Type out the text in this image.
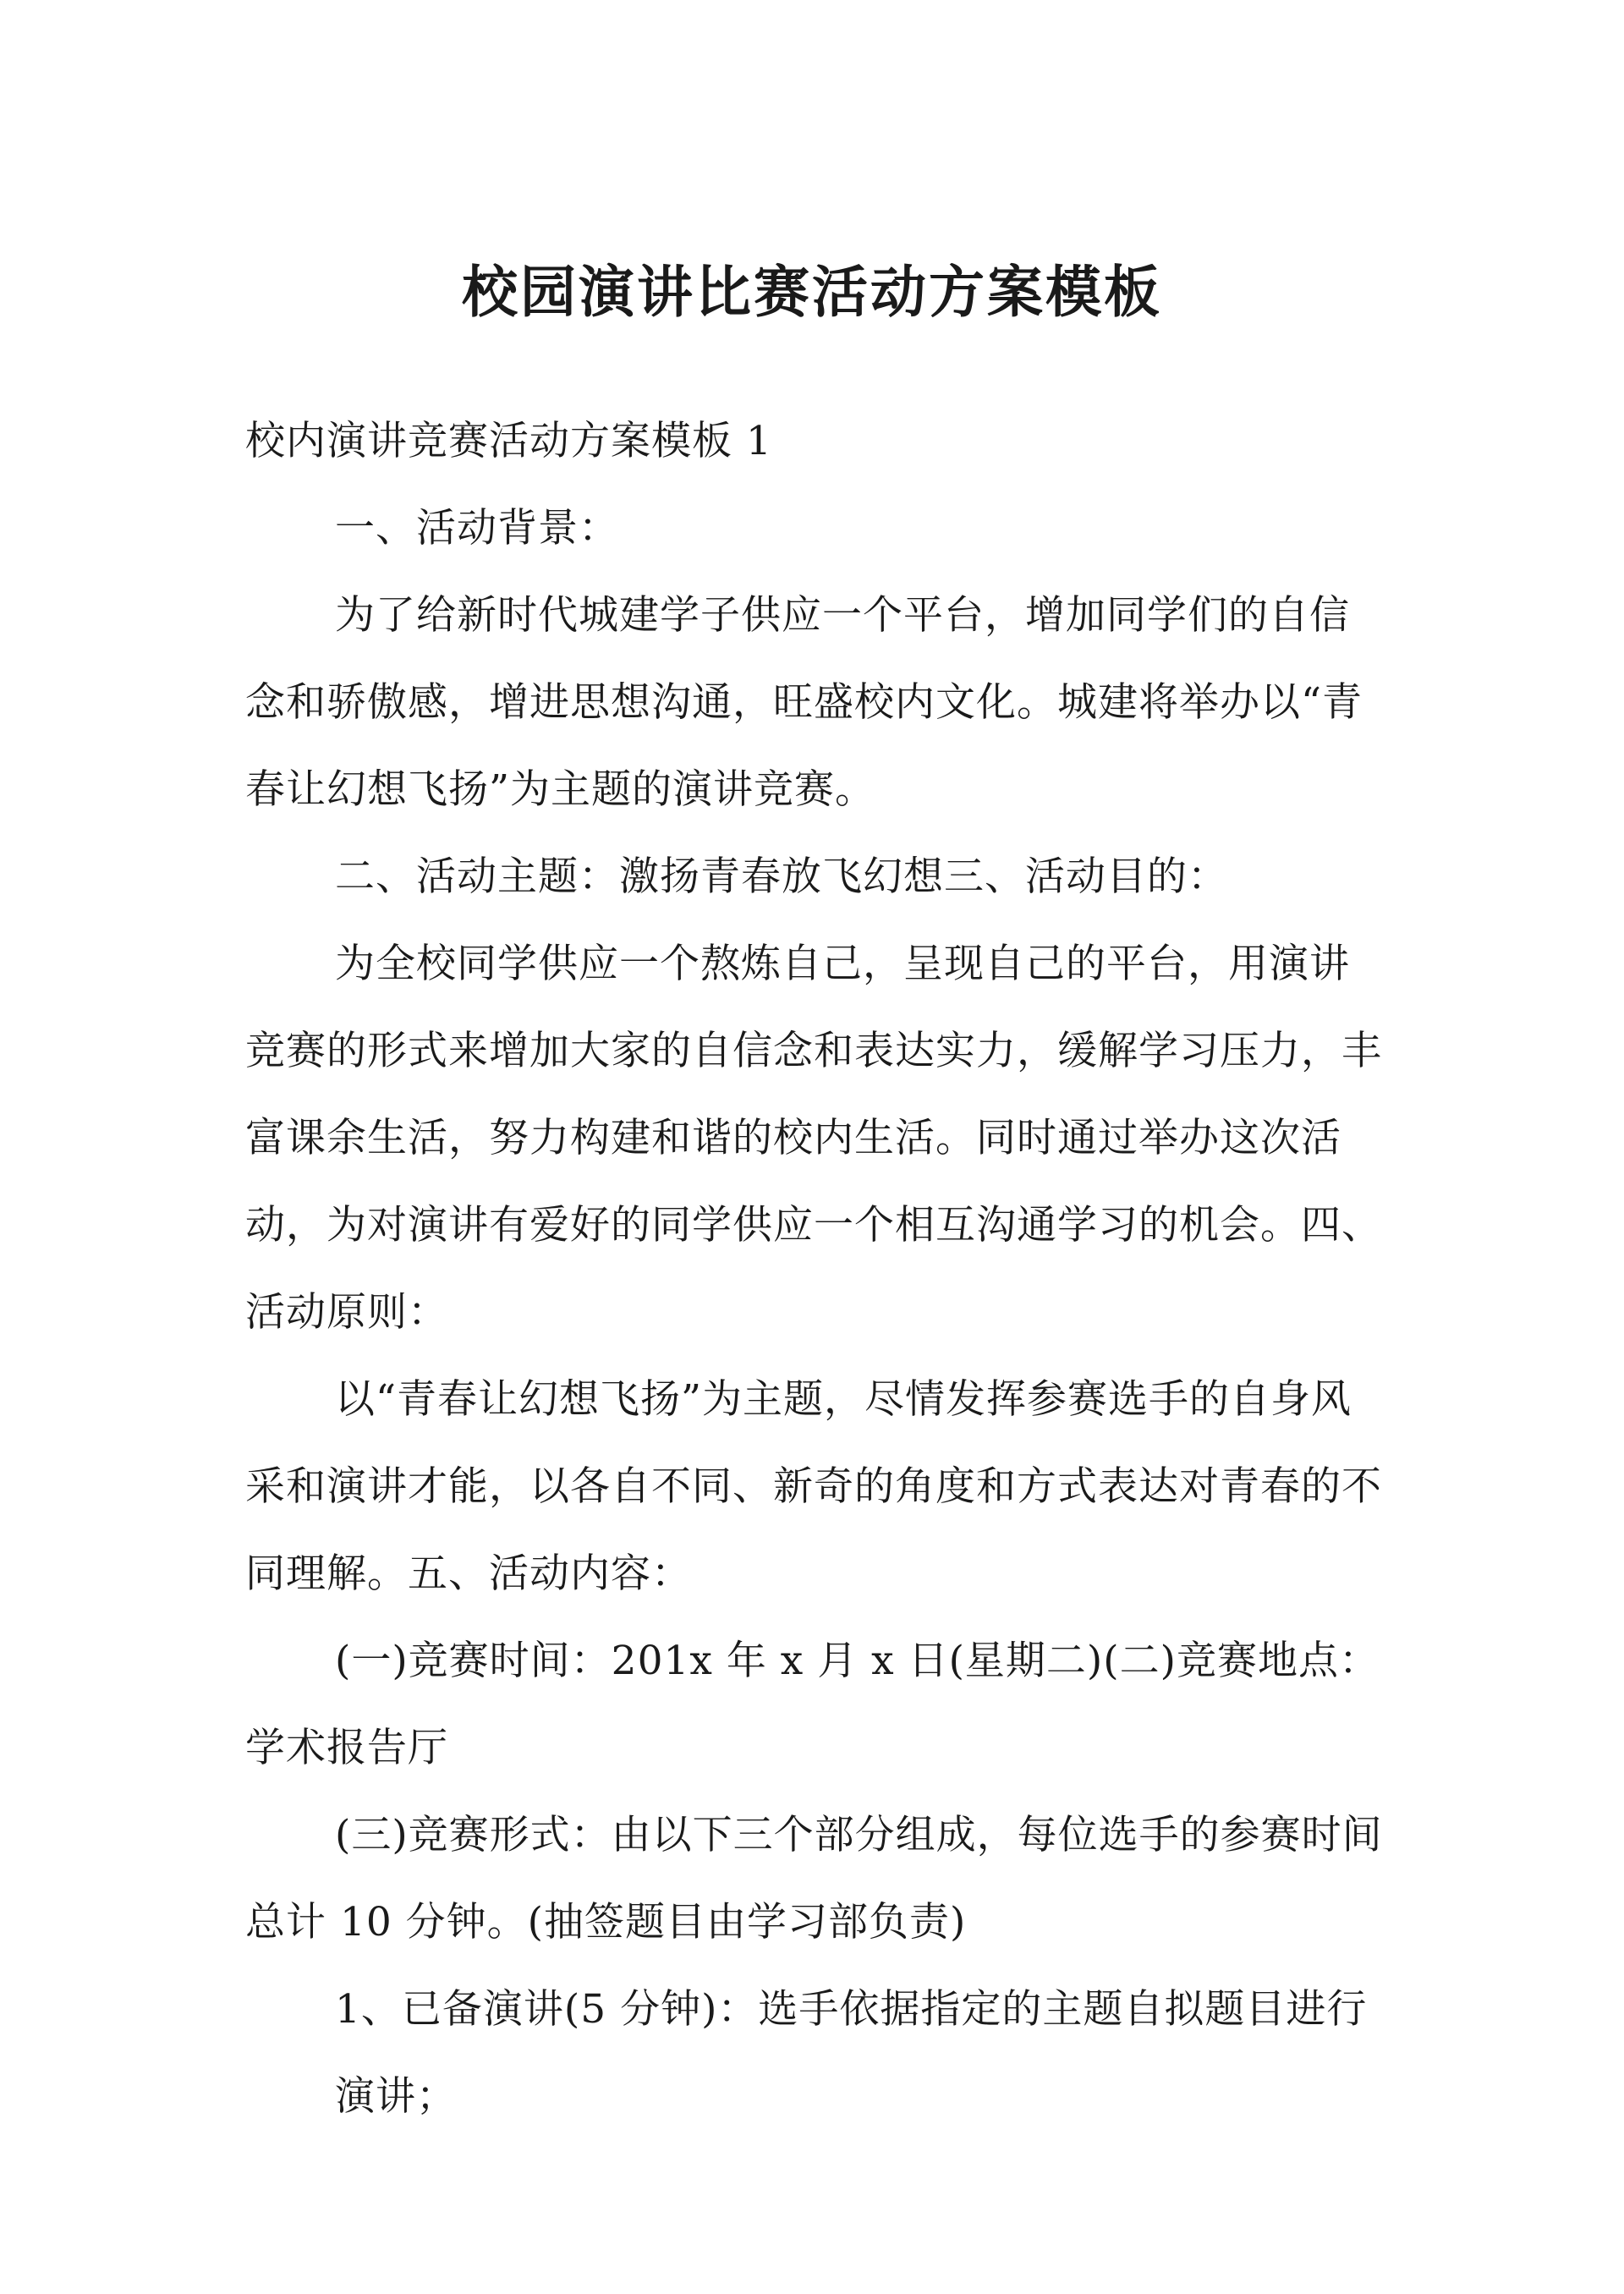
校园演讲比赛活动方案模板

校内演讲竞赛活动方案模板 1

一、活动背景：

为了给新时代城建学子供应一个平台，增加同学们的自信念和骄傲感，增进思想沟通，旺盛校内文化。城建将举办以“青春让幻想飞扬”为主题的演讲竞赛。

二、活动主题：激扬青春放飞幻想三、活动目的：

为全校同学供应一个熬炼自己，呈现自己的平台，用演讲竞赛的形式来增加大家的自信念和表达实力，缓解学习压力，丰富课余生活，努力构建和谐的校内生活。同时通过举办这次活动，为对演讲有爱好的同学供应一个相互沟通学习的机会。四、活动原则：

以“青春让幻想飞扬”为主题，尽情发挥参赛选手的自身风采和演讲才能，以各自不同、新奇的角度和方式表达对青春的不同理解。五、活动内容：

(一)竞赛时间：201x 年 x 月 x 日(星期二)(二)竞赛地点：学术报告厅

(三)竞赛形式：由以下三个部分组成，每位选手的参赛时间总计 10 分钟。(抽签题目由学习部负责)

1、已备演讲(5 分钟)：选手依据指定的主题自拟题目进行演讲；
